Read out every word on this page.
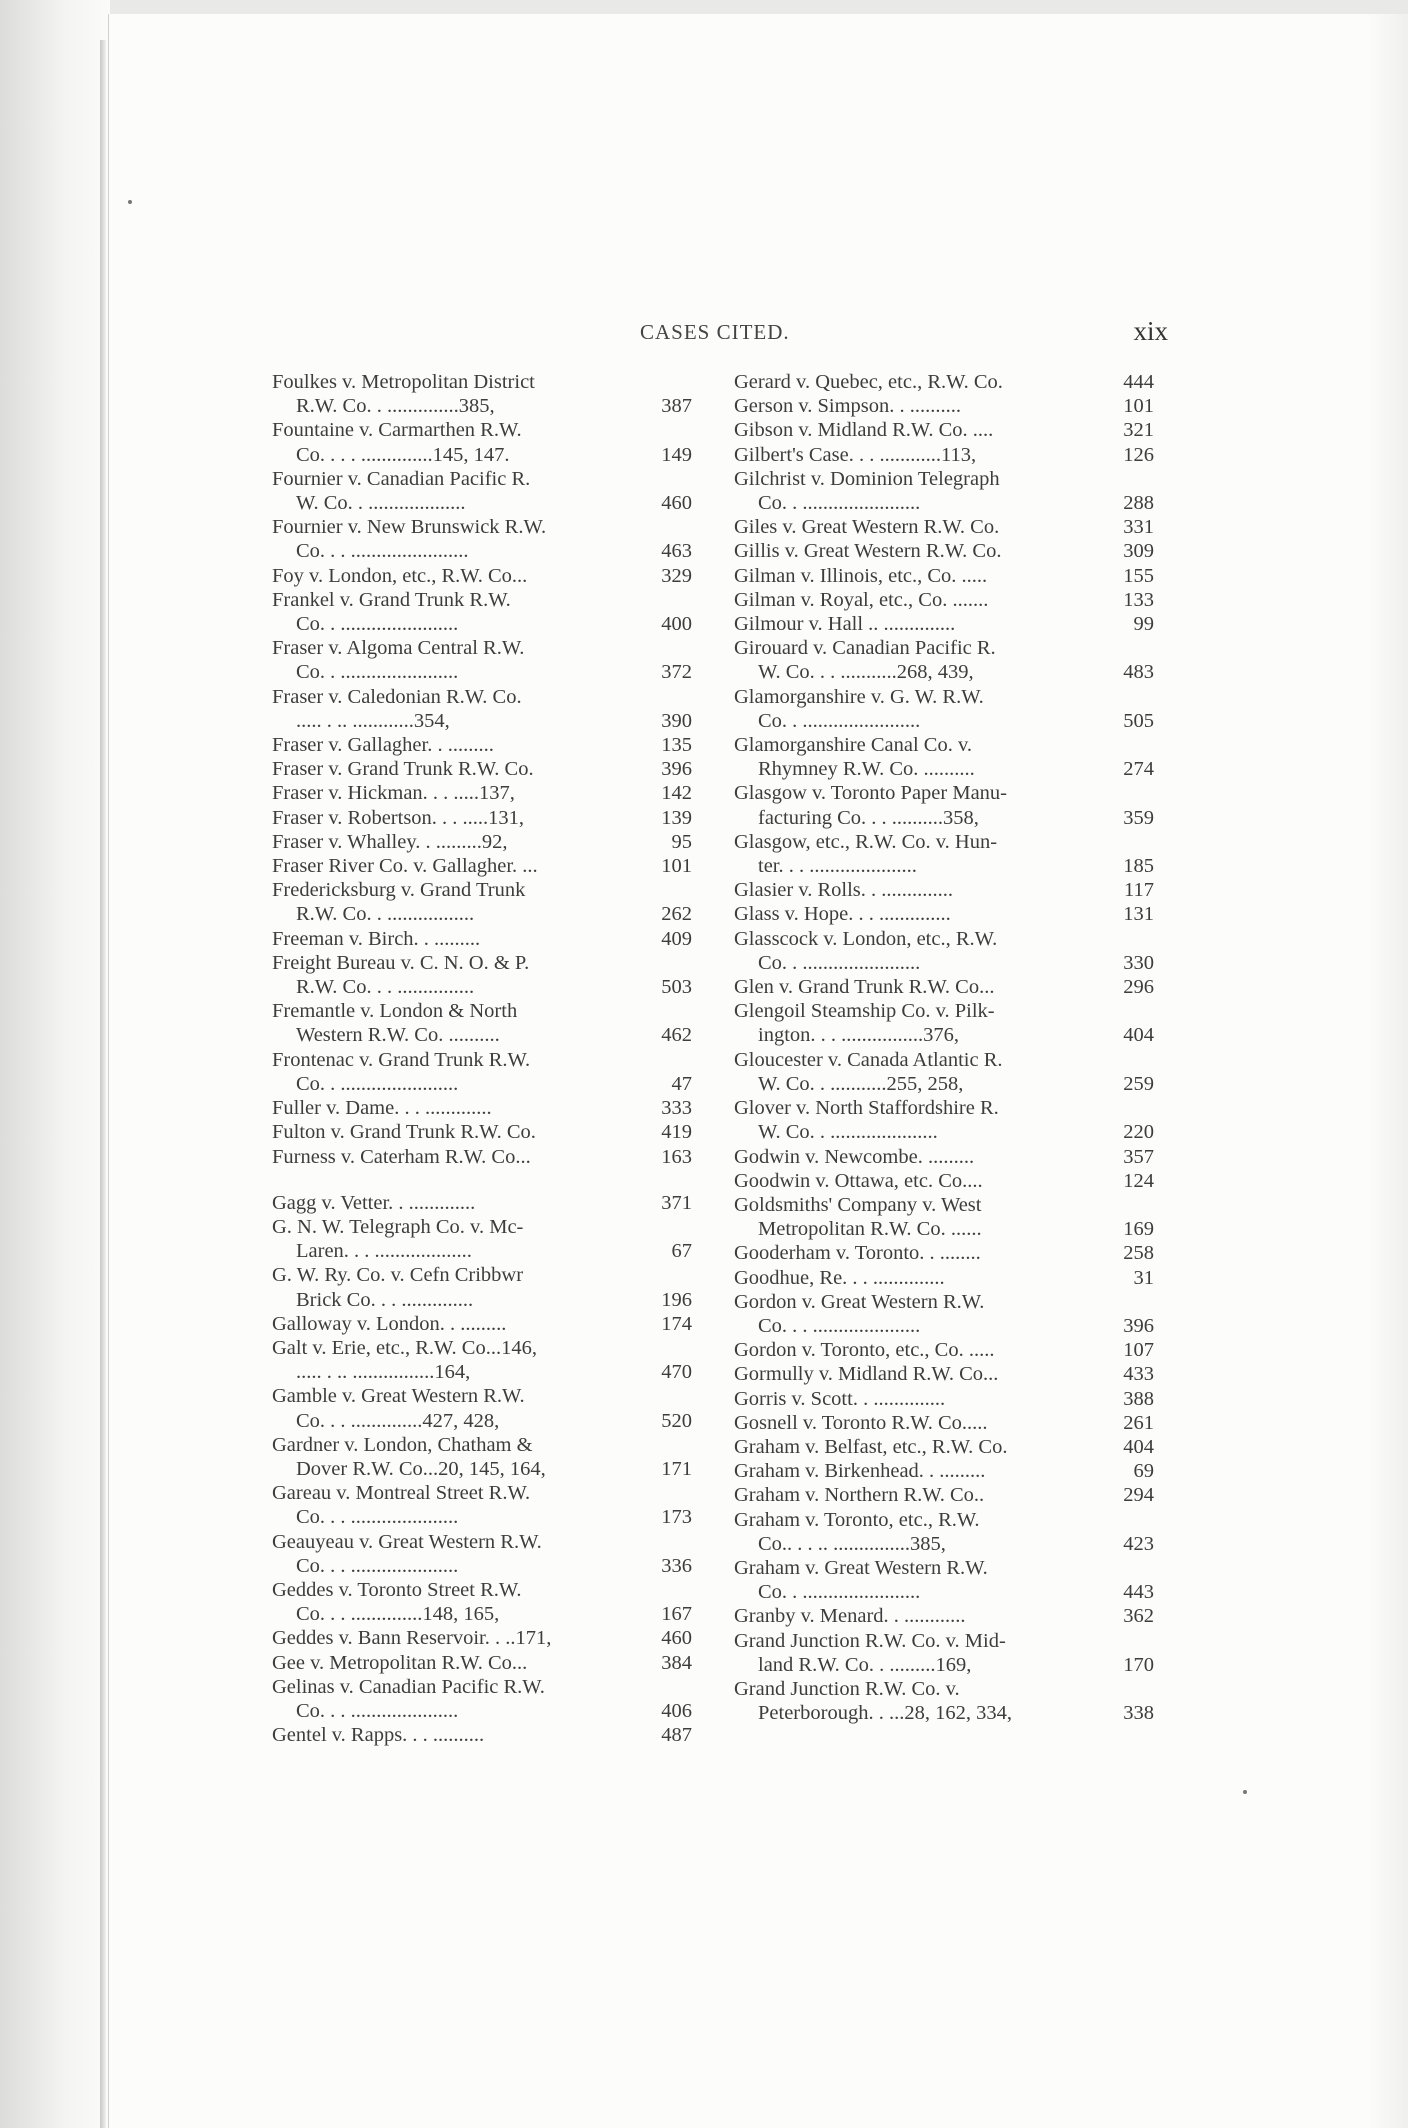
CASES CITED.	xix
Foulkes v. Metropolitan District
R.W. Co. . ..............385,	387
Fountaine v. Carmarthen R.W.
Co. . . . ..............145, 147.	149
Fournier v. Canadian Pacific R.
W. Co. . ...................	460
Fournier v. New Brunswick R.W.
Co. . . .......................	463
Foy v. London, etc., R.W. Co...	329
Frankel v. Grand Trunk R.W.
Co. . .......................	400
Fraser v. Algoma Central R.W.
Co. . .......................	372
Fraser v. Caledonian R.W. Co.
..... . .. ............354,	390
Fraser v. Gallagher. . .........	135
Fraser v. Grand Trunk R.W. Co.	396
Fraser v. Hickman. . . .....137,	142
Fraser v. Robertson. . . .....131,	139
Fraser v. Whalley. . .........92,	95
Fraser River Co. v. Gallagher. ...	101
Fredericksburg v. Grand Trunk
R.W. Co. . .................	262
Freeman v. Birch. . .........	409
Freight Bureau v. C. N. O. & P.
R.W. Co. . . ...............	503
Fremantle v. London & North
Western R.W. Co. ..........	462
Frontenac v. Grand Trunk R.W.
Co. . .......................	47
Fuller v. Dame. . . .............	333
Fulton v. Grand Trunk R.W. Co.	419
Furness v. Caterham R.W. Co...	163
Gagg v. Vetter. . .............	371
G. N. W. Telegraph Co. v. Mc-
Laren. . . ...................	67
G. W. Ry. Co. v. Cefn Cribbwr
Brick Co. . . ..............	196
Galloway v. London. . .........	174
Galt v. Erie, etc., R.W. Co...146,
..... . .. ................164,	470
Gamble v. Great Western R.W.
Co. . . ..............427, 428,	520
Gardner v. London, Chatham &
Dover R.W. Co...20, 145, 164,	171
Gareau v. Montreal Street R.W.
Co. . . .....................	173
Geauyeau v. Great Western R.W.
Co. . . .....................	336
Geddes v. Toronto Street R.W.
Co. . . ..............148, 165,	167
Geddes v. Bann Reservoir. . ..171,	460
Gee v. Metropolitan R.W. Co...	384
Gelinas v. Canadian Pacific R.W.
Co. . . .....................	406
Gentel v. Rapps. . . ..........	487
Gerard v. Quebec, etc., R.W. Co.	444
Gerson v. Simpson. . ..........	101
Gibson v. Midland R.W. Co. ....	321
Gilbert's Case. . . ............113,	126
Gilchrist v. Dominion Telegraph
Co. . .......................	288
Giles v. Great Western R.W. Co.	331
Gillis v. Great Western R.W. Co.	309
Gilman v. Illinois, etc., Co. .....	155
Gilman v. Royal, etc., Co. .......	133
Gilmour v. Hall .. ..............	99
Girouard v. Canadian Pacific R.
W. Co. . . ...........268, 439,	483
Glamorganshire v. G. W. R.W.
Co. . .......................	505
Glamorganshire Canal Co. v.
Rhymney R.W. Co. ..........	274
Glasgow v. Toronto Paper Manu-
facturing Co. . . ..........358,	359
Glasgow, etc., R.W. Co. v. Hun-
ter. . . .....................	185
Glasier v. Rolls. . ..............	117
Glass v. Hope. . . ..............	131
Glasscock v. London, etc., R.W.
Co. . .......................	330
Glen v. Grand Trunk R.W. Co...	296
Glengoil Steamship Co. v. Pilk-
ington. . . ................376,	404
Gloucester v. Canada Atlantic R.
W. Co. . ...........255, 258,	259
Glover v. North Staffordshire R.
W. Co. . .....................	220
Godwin v. Newcombe. .........	357
Goodwin v. Ottawa, etc. Co....	124
Goldsmiths' Company v. West
Metropolitan R.W. Co. ......	169
Gooderham v. Toronto. . ........	258
Goodhue, Re. . . ..............	31
Gordon v. Great Western R.W.
Co. . . .....................	396
Gordon v. Toronto, etc., Co. .....	107
Gormully v. Midland R.W. Co...	433
Gorris v. Scott. . ..............	388
Gosnell v. Toronto R.W. Co.....	261
Graham v. Belfast, etc., R.W. Co.	404
Graham v. Birkenhead. . .........	69
Graham v. Northern R.W. Co..	294
Graham v. Toronto, etc., R.W.
Co.. . . .. ...............385,	423
Graham v. Great Western R.W.
Co. . .......................	443
Granby v. Menard. . ............	362
Grand Junction R.W. Co. v. Mid-
land R.W. Co. . .........169,	170
Grand Junction R.W. Co. v.
Peterborough. . ...28, 162, 334,	338
